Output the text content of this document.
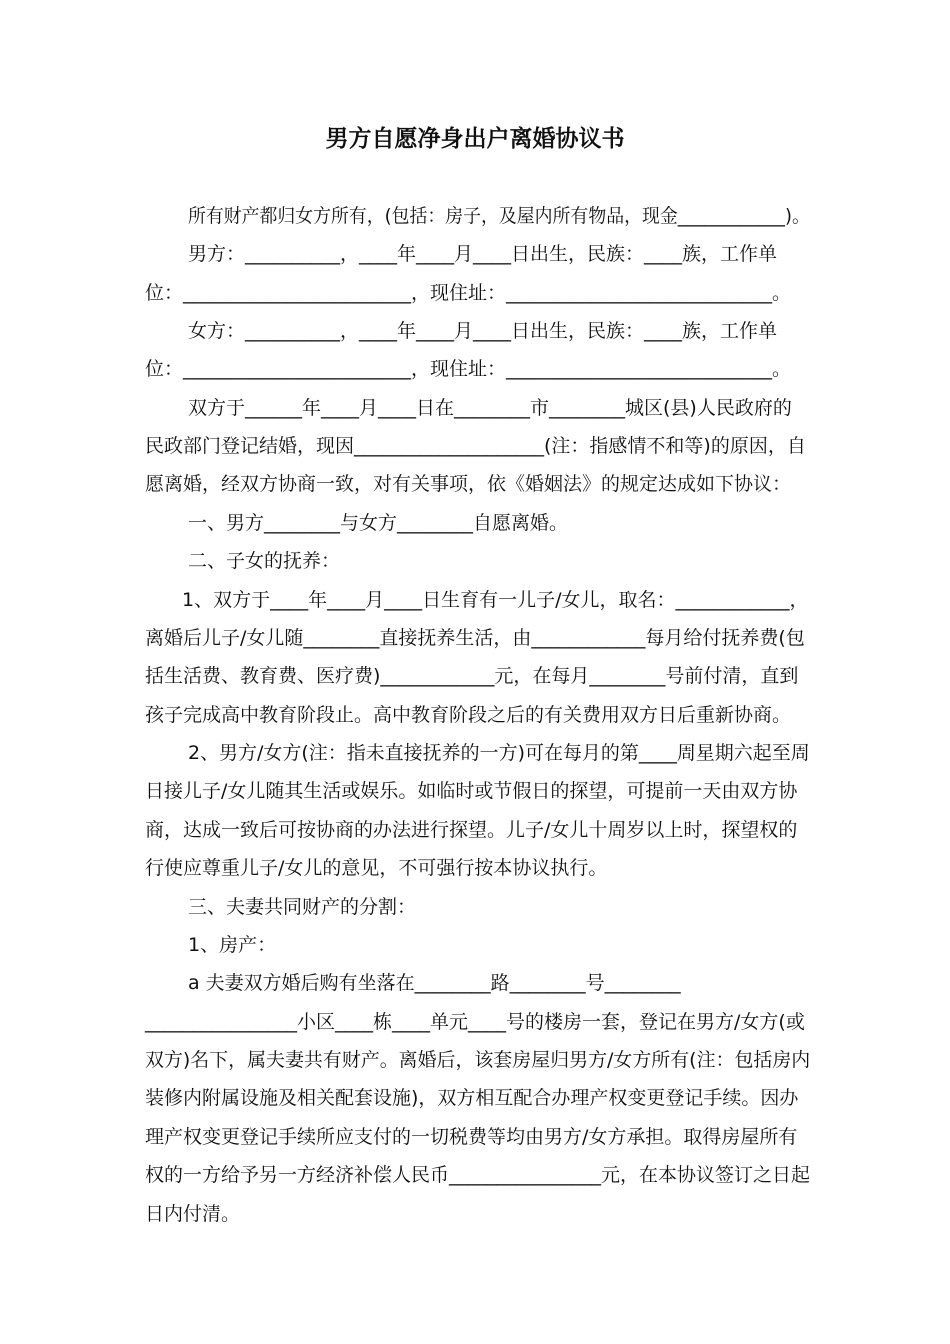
男方自愿净身出户离婚协议书
所有财产都归女方所有，(包括：房子，及屋内所有物品，现金____________)。
男方：__________，____年____月____日出生，民族：____族，工作单
位：________________________，现住址：____________________________。
女方：__________，____年____月____日出生，民族：____族，工作单
位：________________________，现住址：____________________________。
双方于______年____月____日在________市________城区(县)人民政府的
民政部门登记结婚，现因____________________(注：指感情不和等)的原因，自
愿离婚，经双方协商一致，对有关事项，依《婚姻法》的规定达成如下协议：
一、男方________与女方________自愿离婚。
二、子女的抚养：
1、双方于____年____月____日生育有一儿子/女儿，取名：____________，
离婚后儿子/女儿随________直接抚养生活，由____________每月给付抚养费(包
括生活费、教育费、医疗费)____________元，在每月________号前付清，直到
孩子完成高中教育阶段止。高中教育阶段之后的有关费用双方日后重新协商。
2、男方/女方(注：指未直接抚养的一方)可在每月的第____周星期六起至周
日接儿子/女儿随其生活或娱乐。如临时或节假日的探望，可提前一天由双方协
商，达成一致后可按协商的办法进行探望。儿子/女儿十周岁以上时，探望权的
行使应尊重儿子/女儿的意见，不可强行按本协议执行。
三、夫妻共同财产的分割：
1、房产：
a 夫妻双方婚后购有坐落在________路________号________
________________小区____栋____单元____号的楼房一套，登记在男方/女方(或
双方)名下，属夫妻共有财产。离婚后，该套房屋归男方/女方所有(注：包括房内
装修内附属设施及相关配套设施)，双方相互配合办理产权变更登记手续。因办
理产权变更登记手续所应支付的一切税费等均由男方/女方承担。取得房屋所有
权的一方给予另一方经济补偿人民币________________元，在本协议签订之日起
日内付清。
